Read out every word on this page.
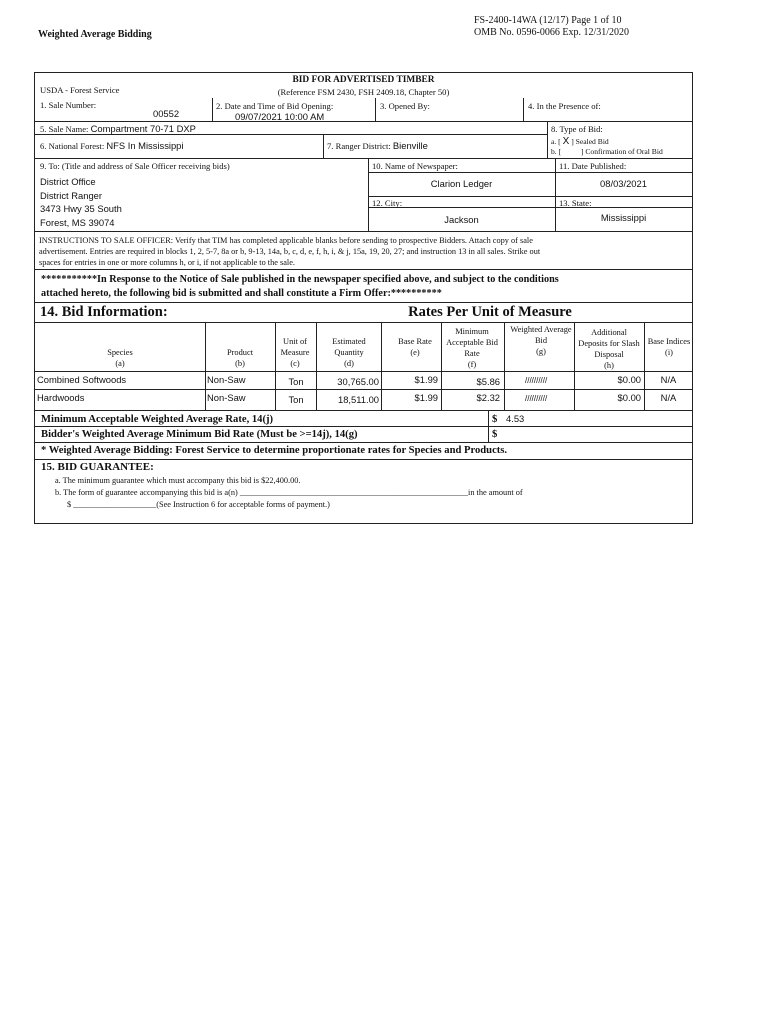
Weighted Average Bidding
FS-2400-14WA (12/17) Page 1 of 10
OMB No. 0596-0066 Exp. 12/31/2020
BID FOR ADVERTISED TIMBER
(Reference FSM 2430, FSH 2409.18, Chapter 50)
USDA - Forest Service
1. Sale Number:
00552
2. Date and Time of Bid Opening:
09/07/2021 10:00 AM
3. Opened By:	4. In the Presence of:
5. Sale Name: Compartment 70-71 DXP	8. Type of Bid:
a. [ X ] Sealed Bid
b. [	] Confirmation of Oral Bid
6. National Forest: NFS In Mississippi	7. Ranger District: Bienville
9. To: (Title and address of Sale Officer receiving bids)
District Office
District Ranger
3473 Hwy 35 South
Forest, MS 39074
10. Name of Newspaper:
Clarion Ledger
11. Date Published:
08/03/2021
12. City:
Jackson
13. State:
Mississippi
INSTRUCTIONS TO SALE OFFICER: Verify that TIM has completed applicable blanks before sending to prospective Bidders. Attach copy of sale
advertisement. Entries are required in blocks 1, 2, 5-7, 8a or b, 9-13, 14a, b, c, d, e, f, h, i, & j, 15a, 19, 20, 27; and instruction 13 in all sales. Strike out
spaces for entries in one or more columns h, or i, if not applicable to the sale.
***********In Response to the Notice of Sale published in the newspaper specified above, and subject to the conditions
attached hereto, the following bid is submitted and shall constitute a Firm Offer:**********
14. Bid Information:	Rates Per Unit of Measure
Species
(a)
Product
(b)
Unit of Measure
(c)
Estimated Quantity
(d)
Base Rate
(e)
Minimum Acceptable Bid Rate
(f)
Weighted Average Bid
(g)
Additional Deposits for Slash Disposal
(h)
Base Indices
(i)
Combined Softwoods	Non-Saw	Ton	30,765.00	$1.99	$5.86	//////////	$0.00	N/A
Hardwoods	Non-Saw	Ton	18,511.00	$1.99	$2.32	//////////	$0.00	N/A
Minimum Acceptable Weighted Average Rate, 14(j)	$ 4.53
Bidder's Weighted Average Minimum Bid Rate (Must be >=14j), 14(g)	$
* Weighted Average Bidding: Forest Service to determine proportionate rates for Species and Products.
15. BID GUARANTEE:
a. The minimum guarantee which must accompany this bid is $22,400.00.
b. The form of guarantee accompanying this bid is a(n) _______________________________________________________in the amount of
$ ____________________(See Instruction 6 for acceptable forms of payment.)
